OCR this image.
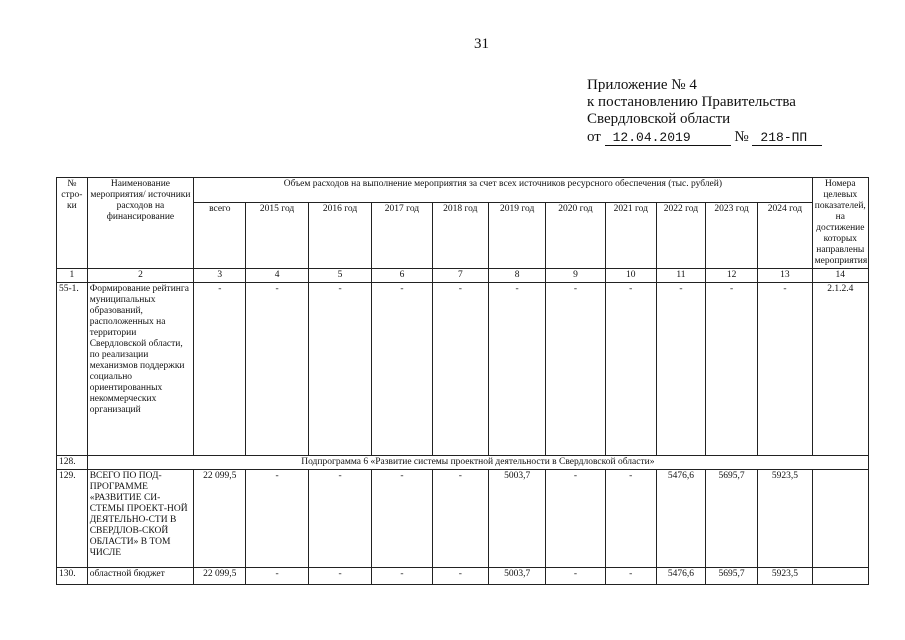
31
Приложение № 4
к постановлению Правительства
Свердловской области
от 12.04.2019	№ 218-ПП
№ стро-ки	Наименование мероприятия/ источники расходов на финансирование	Объем расходов на выполнение мероприятия за счет всех источников ресурсного обеспечения (тыс. рублей)											Номера целевых показателей, на достижение которых направлены мероприятия
		всего	2015 год	2016 год	2017 год	2018 год	2019 год	2020 год	2021 год	2022 год	2023 год	2024 год	
1	2	3	4	5	6	7	8	9	10	11	12	13	14
55-1.	Формирование рейтинга муниципальных образований, расположенных на территории Свердловской области, по реализации механизмов поддержки социально ориентированных некоммерческих организаций	-	-	-	-	-	-	-	-	-	-	-	2.1.2.4
128.	Подпрограмма 6 «Развитие системы проектной деятельности в Свердловской области»												
129.	ВСЕГО ПО ПОД-ПРОГРАММЕ «РАЗВИТИЕ СИ-СТЕМЫ ПРОЕКТ-НОЙ ДЕЯТЕЛЬНО-СТИ В СВЕРДЛОВ-СКОЙ ОБЛАСТИ» В ТОМ ЧИСЛЕ	22 099,5	-	-	-	-	5003,7	-	-	5476,6	5695,7	5923,5	
130.	областной бюджет	22 099,5	-	-	-	-	5003,7	-	-	5476,6	5695,7	5923,5	
